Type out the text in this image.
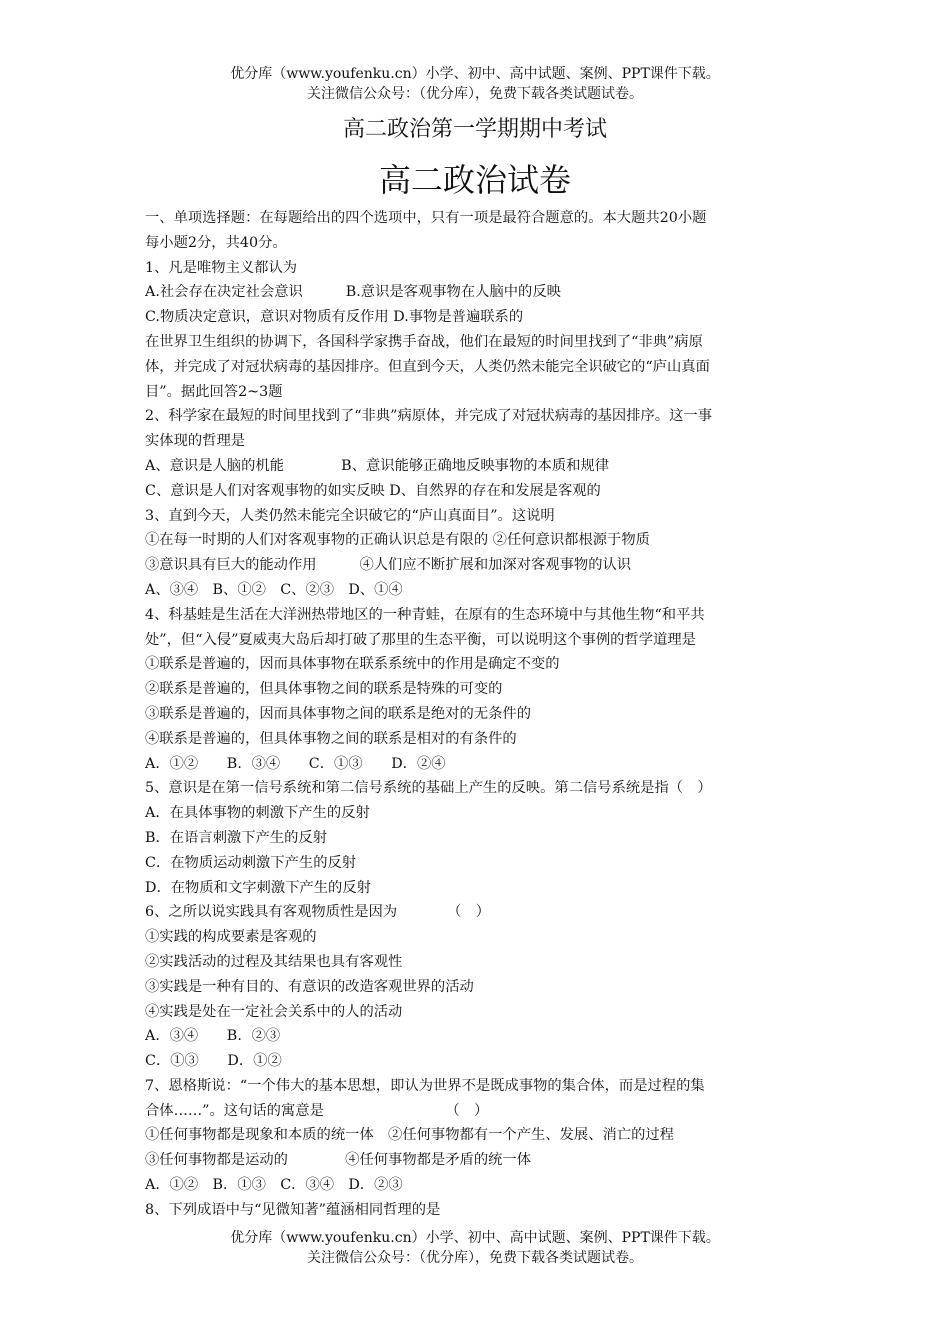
优分库（www.youfenku.cn）小学、初中、高中试题、案例、PPT课件下载。
关注微信公众号：（优分库），免费下载各类试题试卷。
高二政治第一学期期中考试
高二政治试卷
一、单项选择题：在每题给出的四个选项中，只有一项是最符合题意的。本大题共20小题
每小题2分，共40分。
1、凡是唯物主义都认为
A.社会存在决定社会意识　　　B.意识是客观事物在人脑中的反映
C.物质决定意识，意识对物质有反作用 D.事物是普遍联系的
在世界卫生组织的协调下，各国科学家携手奋战，他们在最短的时间里找到了“非典”病原
体，并完成了对冠状病毒的基因排序。但直到今天，人类仍然未能完全识破它的“庐山真面
目”。据此回答2~3题
2、科学家在最短的时间里找到了“非典”病原体，并完成了对冠状病毒的基因排序。这一事
实体现的哲理是
A、意识是人脑的机能　　　　B、意识能够正确地反映事物的本质和规律
C、意识是人们对客观事物的如实反映 D、自然界的存在和发展是客观的
3、直到今天，人类仍然未能完全识破它的“庐山真面目”。这说明
①在每一时期的人们对客观事物的正确认识总是有限的 ②任何意识都根源于物质
③意识具有巨大的能动作用　　　④人们应不断扩展和加深对客观事物的认识
A、③④　B、①②　C、②③　D、①④
4、科基蛙是生活在大洋洲热带地区的一种青蛙，在原有的生态环境中与其他生物“和平共
处”，但“入侵”夏威夷大岛后却打破了那里的生态平衡，可以说明这个事例的哲学道理是
①联系是普遍的，因而具体事物在联系系统中的作用是确定不变的
②联系是普遍的，但具体事物之间的联系是特殊的可变的
③联系是普遍的，因而具体事物之间的联系是绝对的无条件的
④联系是普遍的，但具体事物之间的联系是相对的有条件的
A．①②　　B．③④　　C．①③　　D．②④
5、意识是在第一信号系统和第二信号系统的基础上产生的反映。第二信号系统是指（　）
A．在具体事物的刺激下产生的反射
B．在语言刺激下产生的反射
C．在物质运动刺激下产生的反射
D．在物质和文字刺激下产生的反射
6、之所以说实践具有客观物质性是因为　　　　（　）
①实践的构成要素是客观的
②实践活动的过程及其结果也具有客观性
③实践是一种有目的、有意识的改造客观世界的活动
④实践是处在一定社会关系中的人的活动
A．③④　　B．②③
C．①③　　D．①②
7、恩格斯说：“一个伟大的基本思想，即认为世界不是既成事物的集合体，而是过程的集
合体……”。这句话的寓意是　　　　　　　　　（　）
①任何事物都是现象和本质的统一体　②任何事物都有一个产生、发展、消亡的过程
③任何事物都是运动的　　　　④任何事物都是矛盾的统一体
A．①②　B．①③　C．③④　D．②③
8、下列成语中与“见微知著”蕴涵相同哲理的是
优分库（www.youfenku.cn）小学、初中、高中试题、案例、PPT课件下载。
关注微信公众号：（优分库），免费下载各类试题试卷。
